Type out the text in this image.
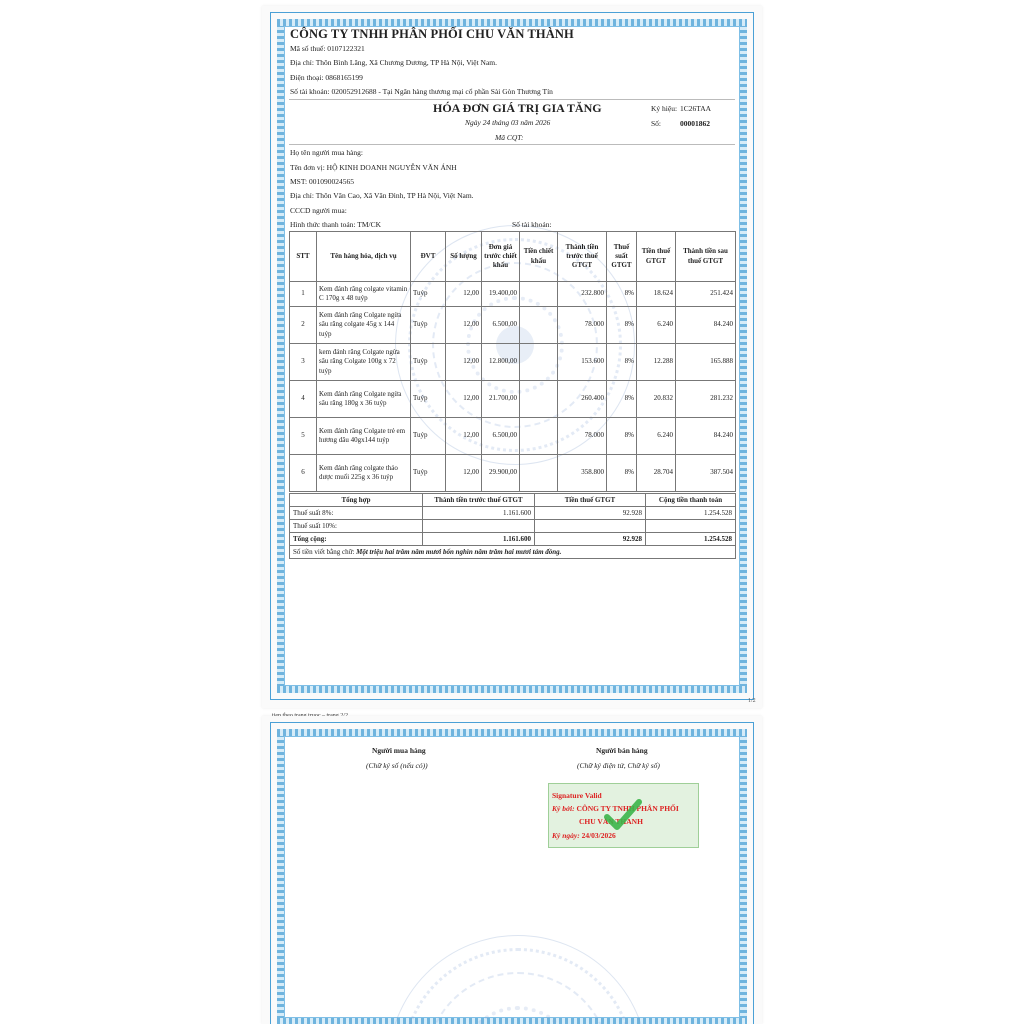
CÔNG TY TNHH PHÂN PHỐI CHU VĂN THÀNH
Mã số thuế: 0107122321
Địa chỉ: Thôn Bình Lăng, Xã Chương Dương, TP Hà Nội, Việt Nam.
Điện thoại: 0868165199
Số tài khoản: 020052912688 - Tại Ngân hàng thương mại cổ phần Sài Gòn Thương Tín
HÓA ĐƠN GIÁ TRỊ GIA TĂNG
Ngày 24 tháng 03 năm 2026
Mã CQT:
Ký hiệu: 1C26TAA
Số:	00001862
Họ tên người mua hàng:
Tên đơn vị: HỘ KINH DOANH NGUYỄN VĂN ÁNH
MST: 001090024565
Địa chỉ: Thôn Văn Cao, Xã Vân Đình, TP Hà Nội, Việt Nam.
CCCD người mua:
Hình thức thanh toán: TM/CK	Số tài khoản:
STT	Tên hàng hóa, dịch vụ	ĐVT	Số lượng	Đơn giá trước chiết khấu	Tiền chiết khấu	Thành tiền trước thuế GTGT	Thuế suất GTGT	Tiền thuế GTGT	Thành tiền sau thuế GTGT
1	Kem đánh răng colgate vitamin C 170g x 48 tuýp	Tuýp	12,00	19.400,00		232.800	8%	18.624	251.424
2	Kem đánh răng Colgate ngừa sâu răng colgate 45g x 144 tuýp	Tuýp	12,00	6.500,00		78.000	8%	6.240	84.240
3	kem đánh răng Colgate ngừa sâu răng Colgate 100g x 72 tuýp	Tuýp	12,00	12.800,00		153.600	8%	12.288	165.888
4	Kem đánh răng Colgate ngừa sâu răng 180g x 36 tuýp	Tuýp	12,00	21.700,00		260.400	8%	20.832	281.232
5	Kem đánh răng Colgate trẻ em hương dâu 40gx144 tuýp	Tuýp	12,00	6.500,00		78.000	8%	6.240	84.240
6	Kem đánh răng colgate thảo dược muối 225g x 36 tuýp	Tuýp	12,00	29.900,00		358.800	8%	28.704	387.504
Tổng hợp	Thành tiền trước thuế GTGT	Tiền thuế GTGT	Cộng tiền thanh toán
Thuế suất 8%:	1.161.600	92.928	1.254.528
Thuế suất 10%:			
Tổng cộng:	1.161.600	92.928	1.254.528
Số tiền viết bằng chữ: Một triệu hai trăm năm mươi bốn nghìn năm trăm hai mươi tám đồng.			
1/2
Người mua hàng
(Chữ ký số (nếu có))
Người bán hàng
(Chữ ký điện tử, Chữ ký số)
Signature Valid
Ký bởi: CÔNG TY TNHH PHÂN PHỐI
CHU VĂN THANH
Ký ngày: 24/03/2026
